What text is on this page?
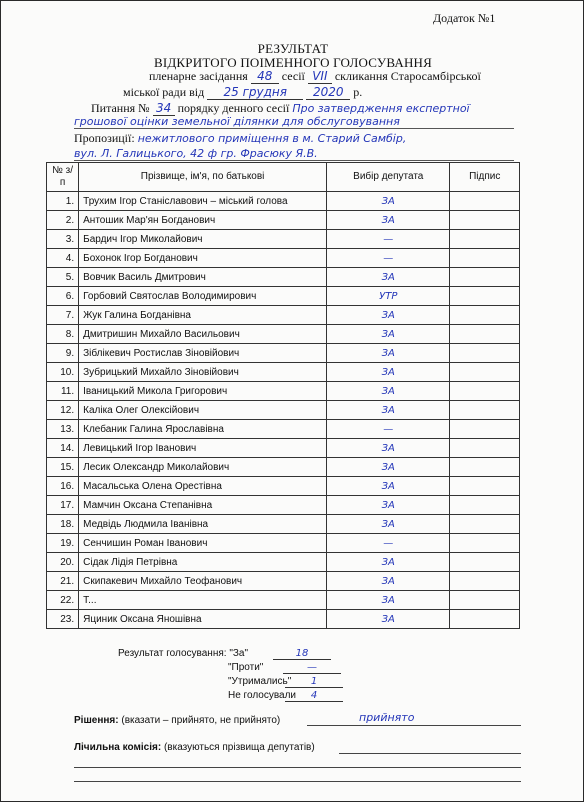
Додаток №1
РЕЗУЛЬТАТ
ВІДКРИТОГО ПОІМЕННОГО ГОЛОСУВАННЯ
пленарне засідання 48 сесії VII скликання Старосамбірської
міської ради від 25 грудня 2020 р.
Питання № 34 порядку денного сесії Про затвердження експертної
грошової оцінки земельної ділянки для обслуговування
Пропозиції: нежитлового приміщення в м. Старий Самбір,
вул. Л. Галицького, 42 ф гр. Фрасюку Я.В.
№ з/п	Прізвище, ім'я, по батькові	Вибір депутата	Підпис
1.	Трухим Ігор Станіславович – міський голова	ЗА	
2.	Антошик Мар'ян Богданович	ЗА	
3.	Бардич Ігор Миколайович	—	
4.	Бохонок Ігор Богданович	—	
5.	Вовчик Василь Дмитрович	ЗА	
6.	Горбовий Святослав Володимирович	УТР	
7.	Жук Галина Богданівна	ЗА	
8.	Дмитришин Михайло Васильович	ЗА	
9.	Зіблікевич Ростислав Зіновійович	ЗА	
10.	Зубрицький Михайло Зіновійович	ЗА	
11.	Іваницький Микола Григорович	ЗА	
12.	Каліка Олег Олексійович	ЗА	
13.	Клебаник Галина Ярославівна	—	
14.	Левицький Ігор Іванович	ЗА	
15.	Лесик Олександр Миколайович	ЗА	
16.	Масальська Олена Орестівна	ЗА	
17.	Мамчин Оксана Степанівна	ЗА	
18.	Медвідь Людмила Іванівна	ЗА	
19.	Сенчишин Роман Іванович	—	
20.	Сідак Лідія Петрівна	ЗА	
21.	Скипакевич Михайло Теофанович	ЗА	
22.	Т...	ЗА	
23.	Яциник Оксана Яношівна	ЗА	
Результат голосування: "За"	18
"Проти"	—
"Утримались"	1
Не голосували	4
Рішення: (вказати – прийнято, не прийнято)	прийнято
Лічильна комісія: (вказуються прізвища депутатів)
